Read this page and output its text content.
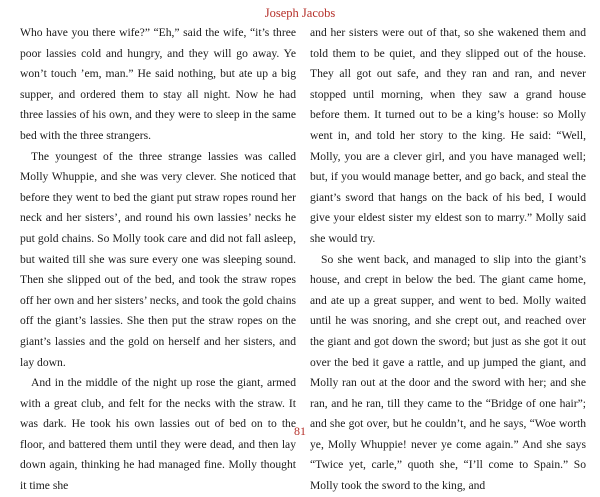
Joseph Jacobs

Who have you there wife?” “Eh,” said the wife, “it’s three poor lassies cold and hungry, and they will go away. Ye won’t touch ’em, man.” He said nothing, but ate up a big supper, and ordered them to stay all night. Now he had three lassies of his own, and they were to sleep in the same bed with the three strangers.

The youngest of the three strange lassies was called Molly Whuppie, and she was very clever. She noticed that before they went to bed the giant put straw ropes round her neck and her sisters’, and round his own lassies’ necks he put gold chains. So Molly took care and did not fall asleep, but waited till she was sure every one was sleeping sound. Then she slipped out of the bed, and took the straw ropes off her own and her sisters’ necks, and took the gold chains off the giant’s lassies. She then put the straw ropes on the giant’s lassies and the gold on herself and her sisters, and lay down.

And in the middle of the night up rose the giant, armed with a great club, and felt for the necks with the straw. It was dark. He took his own lassies out of bed on to the floor, and battered them until they were dead, and then lay down again, thinking he had managed fine. Molly thought it time she

and her sisters were out of that, so she wakened them and told them to be quiet, and they slipped out of the house. They all got out safe, and they ran and ran, and never stopped until morning, when they saw a grand house before them. It turned out to be a king’s house: so Molly went in, and told her story to the king. He said: “Well, Molly, you are a clever girl, and you have managed well; but, if you would manage better, and go back, and steal the giant’s sword that hangs on the back of his bed, I would give your eldest sister my eldest son to marry.” Molly said she would try.

So she went back, and managed to slip into the giant’s house, and crept in below the bed. The giant came home, and ate up a great supper, and went to bed. Molly waited until he was snoring, and she crept out, and reached over the giant and got down the sword; but just as she got it out over the bed it gave a rattle, and up jumped the giant, and Molly ran out at the door and the sword with her; and she ran, and he ran, till they came to the “Bridge of one hair”; and she got over, but he couldn’t, and he says, “Woe worth ye, Molly Whuppie! never ye come again.” And she says “Twice yet, carle,” quoth she, “I’ll come to Spain.” So Molly took the sword to the king, and

81
